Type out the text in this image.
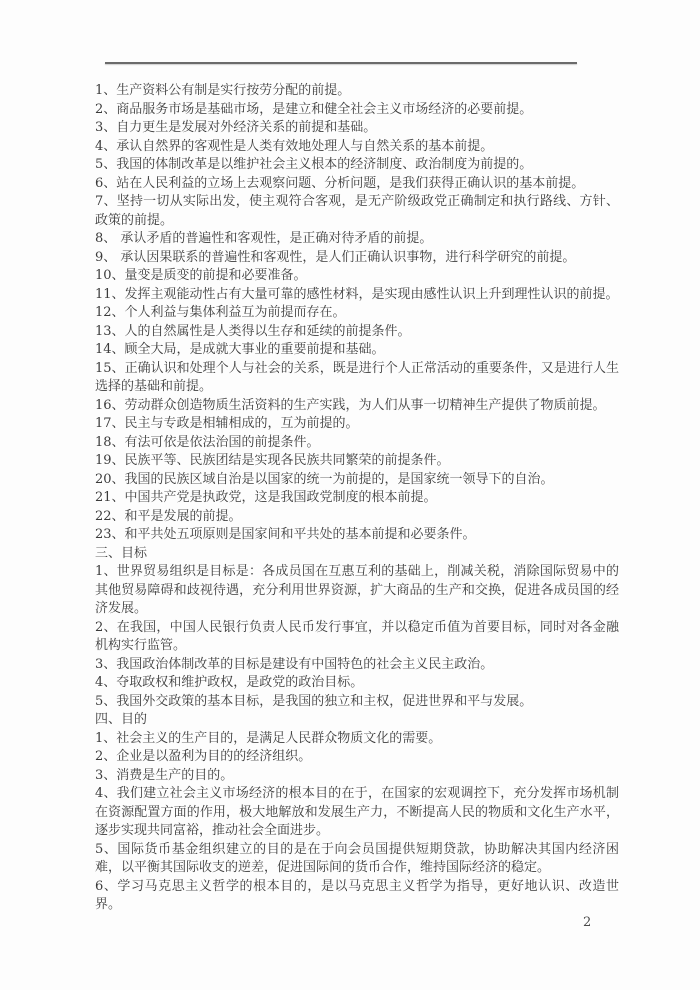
1、生产资料公有制是实行按劳分配的前提。

2、商品服务市场是基础市场，是建立和健全社会主义市场经济的必要前提。

3、自力更生是发展对外经济关系的前提和基础。

4、承认自然界的客观性是人类有效地处理人与自然关系的基本前提。

5、我国的体制改革是以维护社会主义根本的经济制度、政治制度为前提的。

6、站在人民利益的立场上去观察问题、分析问题，是我们获得正确认识的基本前提。

7、坚持一切从实际出发，使主观符合客观，是无产阶级政党正确制定和执行路线、方针、政策的前提。

8、 承认矛盾的普遍性和客观性，是正确对待矛盾的前提。

9、 承认因果联系的普遍性和客观性，是人们正确认识事物，进行科学研究的前提。

10、量变是质变的前提和必要准备。

11、发挥主观能动性占有大量可靠的感性材料，是实现由感性认识上升到理性认识的前提。

12、个人利益与集体利益互为前提而存在。

13、人的自然属性是人类得以生存和延续的前提条件。

14、顾全大局，是成就大事业的重要前提和基础。

15、正确认识和处理个人与社会的关系，既是进行个人正常活动的重要条件，又是进行人生选择的基础和前提。

16、劳动群众创造物质生活资料的生产实践，为人们从事一切精神生产提供了物质前提。

17、民主与专政是相辅相成的，互为前提的。

18、有法可依是依法治国的前提条件。

19、民族平等、民族团结是实现各民族共同繁荣的前提条件。

20、我国的民族区域自治是以国家的统一为前提的，是国家统一领导下的自治。

21、中国共产党是执政党，这是我国政党制度的根本前提。

22、和平是发展的前提。

23、和平共处五项原则是国家间和平共处的基本前提和必要条件。

三、目标

1、世界贸易组织是目标是：各成员国在互惠互利的基础上，削减关税，消除国际贸易中的其他贸易障碍和歧视待遇，充分利用世界资源，扩大商品的生产和交换，促进各成员国的经济发展。

2、在我国，中国人民银行负责人民币发行事宜，并以稳定币值为首要目标，同时对各金融机构实行监管。

3、我国政治体制改革的目标是建设有中国特色的社会主义民主政治。

4、夺取政权和维护政权，是政党的政治目标。

5、我国外交政策的基本目标，是我国的独立和主权，促进世界和平与发展。

四、目的

1、社会主义的生产目的，是满足人民群众物质文化的需要。

2、企业是以盈利为目的的经济组织。

3、消费是生产的目的。

4、我们建立社会主义市场经济的根本目的在于，在国家的宏观调控下，充分发挥市场机制在资源配置方面的作用，极大地解放和发展生产力，不断提高人民的物质和文化生产水平，逐步实现共同富裕，推动社会全面进步。

5、国际货币基金组织建立的目的是在于向会员国提供短期贷款，协助解决其国内经济困难，以平衡其国际收支的逆差，促进国际间的货币合作，维持国际经济的稳定。

6、学习马克思主义哲学的根本目的，是以马克思主义哲学为指导，更好地认识、改造世界。

2
